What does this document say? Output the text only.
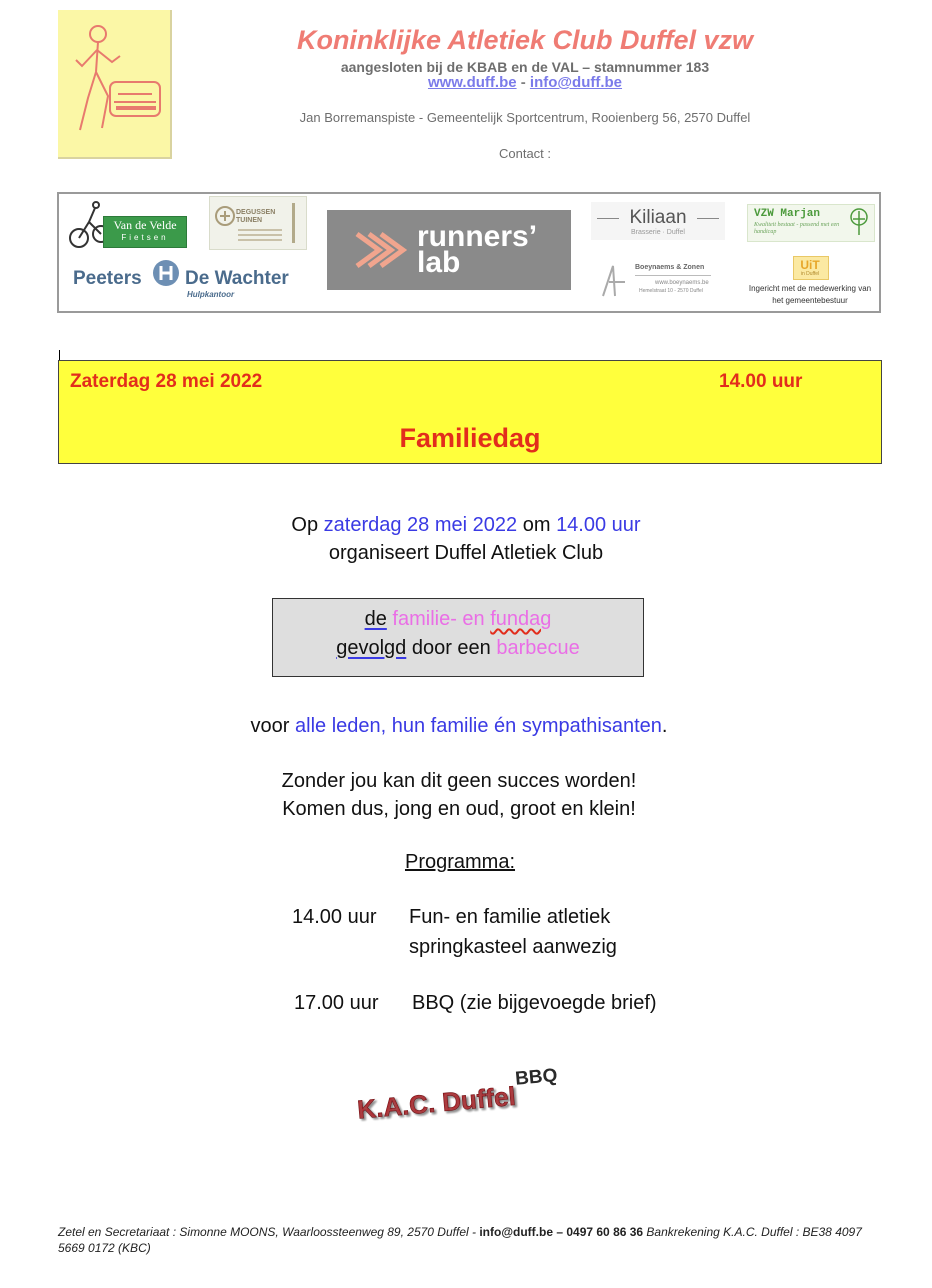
Koninklijke Atletiek Club Duffel vzw
aangesloten bij de KBAB en de VAL – stamnummer 183
www.duff.be - info@duff.be
Jan Borremanspiste - Gemeentelijk Sportcentrum, Rooienberg 56, 2570 Duffel
Contact :
Van de Velde
Fietsen
DEGUSSEN TUINEN	runners’
lab
Kiliaan
Brasserie · Duffel
VZW Marjan
Kwaliteit bestaat - passend met een handicap
Peeters De Wachter
Hulpkantoor
Boeynaems & Zonen
www.boeynaems.be
Hemelstraat 10 - 2570 Duffel
UiT
in Duffel
Ingericht met de medewerking van
het gemeentebestuur
Zaterdag 28 mei 2022	14.00 uur
Familiedag
Op zaterdag 28 mei 2022 om 14.00 uur
organiseert Duffel Atletiek Club
de familie- en fundag
gevolgd door een barbecue
voor alle leden, hun familie én sympathisanten.
Zonder jou kan dit geen succes worden!
Komen dus, jong en oud, groot en klein!
Programma:
14.00 uur Fun- en familie atletiek
springkasteel aanwezig
17.00 uur BBQ (zie bijgevoegde brief)
K.A.C. Duffel
BBQ
Zetel en Secretariaat : Simonne MOONS, Waarloossteenweg 89, 2570 Duffel - info@duff.be – 0497 60 86 36 Bankrekening K.A.C. Duffel : BE38 4097 5669 0172 (KBC)
